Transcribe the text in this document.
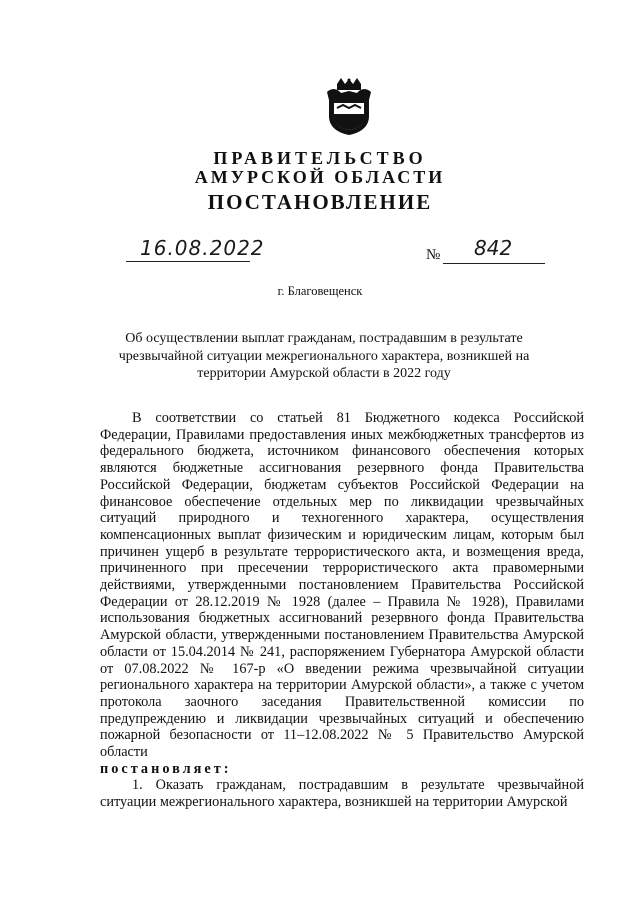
ПРАВИТЕЛЬСТВО
АМУРСКОЙ ОБЛАСТИ
ПОСТАНОВЛЕНИЕ
16.08.2022	№ 842
г. Благовещенск
Об осуществлении выплат гражданам, пострадавшим в результате чрезвычайной ситуации межрегионального характера, возникшей на территории Амурской области в 2022 году

В соответствии со статьей 81 Бюджетного кодекса Российской Федерации, Правилами предоставления иных межбюджетных трансфертов из федерального бюджета, источником финансового обеспечения которых являются бюджетные ассигнования резервного фонда Правительства Российской Федерации, бюджетам субъектов Российской Федерации на финансовое обеспечение отдельных мер по ликвидации чрезвычайных ситуаций природного и техногенного характера, осуществления компенсационных выплат физическим и юридическим лицам, которым был причинен ущерб в результате террористического акта, и возмещения вреда, причиненного при пресечении террористического акта правомерными действиями, утвержденными постановлением Правительства Российской Федерации от 28.12.2019 № 1928 (далее – Правила № 1928), Правилами использования бюджетных ассигнований резервного фонда Правительства Амурской области, утвержденными постановлением Правительства Амурской области от 15.04.2014 № 241, распоряжением Губернатора Амурской области от 07.08.2022 № 167-р «О введении режима чрезвычайной ситуации регионального характера на территории Амурской области», а также с учетом протокола заочного заседания Правительственной комиссии по предупреждению и ликвидации чрезвычайных ситуаций и обеспечению пожарной безопасности от 11–12.08.2022 № 5 Правительство Амурской области

постановляет:

1. Оказать гражданам, пострадавшим в результате чрезвычайной ситуации межрегионального характера, возникшей на территории Амурской
